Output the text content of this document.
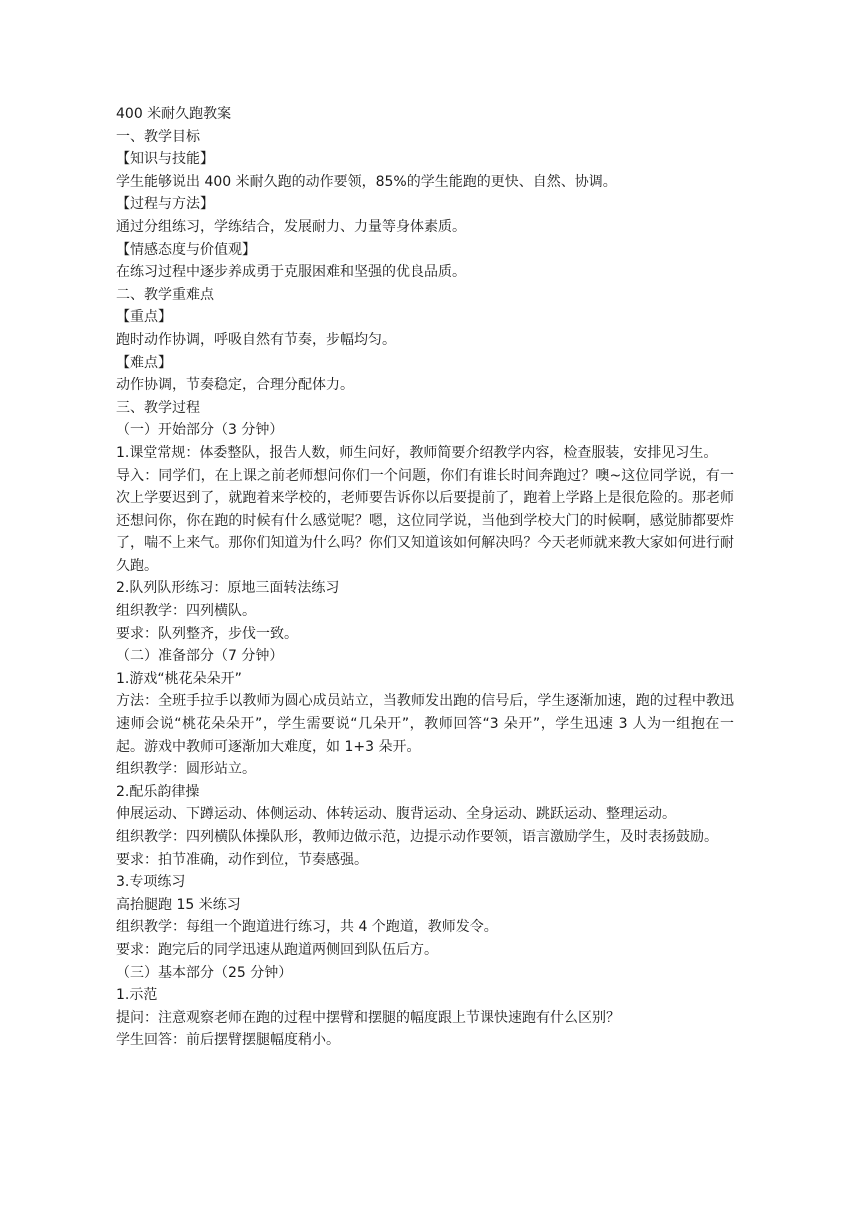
400 米耐久跑教案
一、教学目标
【知识与技能】
学生能够说出 400 米耐久跑的动作要领，85%的学生能跑的更快、自然、协调。
【过程与方法】
通过分组练习，学练结合，发展耐力、力量等身体素质。
【情感态度与价值观】
在练习过程中逐步养成勇于克服困难和坚强的优良品质。
二、教学重难点
【重点】
跑时动作协调，呼吸自然有节奏，步幅均匀。
【难点】
动作协调，节奏稳定，合理分配体力。
三、教学过程
（一）开始部分（3 分钟）
1.课堂常规：体委整队，报告人数，师生问好，教师简要介绍教学内容，检查服装，安排见习生。
导入：同学们，在上课之前老师想问你们一个问题，你们有谁长时间奔跑过？噢~这位同学说，有一次上学要迟到了，就跑着来学校的，老师要告诉你以后要提前了，跑着上学路上是很危险的。那老师还想问你，你在跑的时候有什么感觉呢？嗯，这位同学说，当他到学校大门的时候啊，感觉肺都要炸了，喘不上来气。那你们知道为什么吗？你们又知道该如何解决吗？今天老师就来教大家如何进行耐久跑。
2.队列队形练习：原地三面转法练习
组织教学：四列横队。
要求：队列整齐，步伐一致。
（二）准备部分（7 分钟）
1.游戏“桃花朵朵开”
方法：全班手拉手以教师为圆心成员站立，当教师发出跑的信号后，学生逐渐加速，跑的过程中教迅速师会说“桃花朵朵开”，学生需要说“几朵开”，教师回答“3 朵开”，学生迅速 3 人为一组抱在一起。游戏中教师可逐渐加大难度，如 1+3 朵开。
组织教学：圆形站立。
2.配乐韵律操
伸展运动、下蹲运动、体侧运动、体转运动、腹背运动、全身运动、跳跃运动、整理运动。
组织教学：四列横队体操队形，教师边做示范，边提示动作要领，语言激励学生，及时表扬鼓励。
要求：拍节准确，动作到位，节奏感强。
3.专项练习
高抬腿跑 15 米练习
组织教学：每组一个跑道进行练习，共 4 个跑道，教师发令。
要求：跑完后的同学迅速从跑道两侧回到队伍后方。
（三）基本部分（25 分钟）
1.示范
提问：注意观察老师在跑的过程中摆臂和摆腿的幅度跟上节课快速跑有什么区别？
学生回答：前后摆臂摆腿幅度稍小。
